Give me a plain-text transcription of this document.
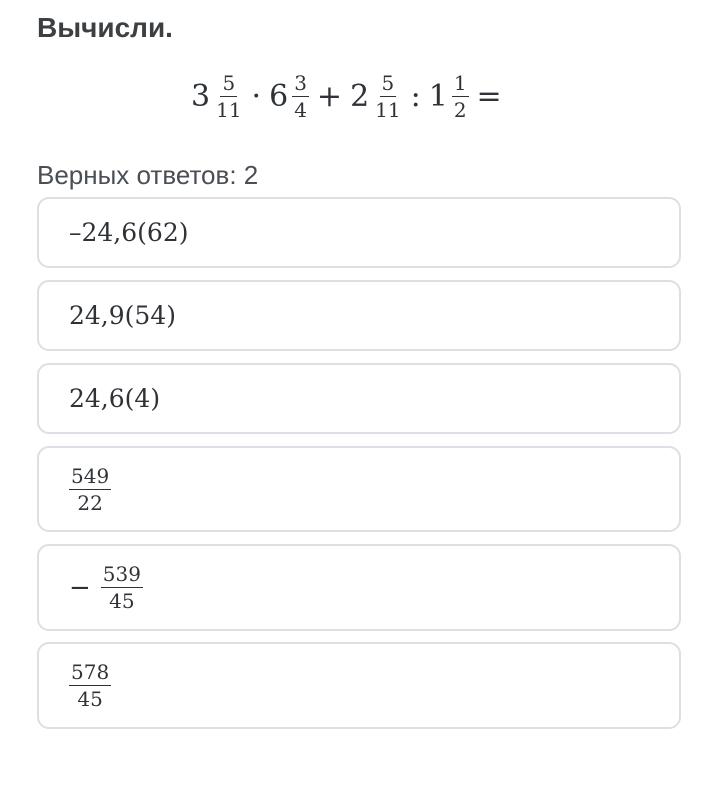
Вычисли.
$3 \frac{5}{11} \cdot 6 \frac{3}{4} + 2 \frac{5}{11}$ : $1 \frac{1}{2}$ =
Верных ответов: 2
–24,6(62)
24,9(54)
24,6(4)
$\frac{549}{22}$
− $\frac{539}{45}$
$\frac{578}{45}$
